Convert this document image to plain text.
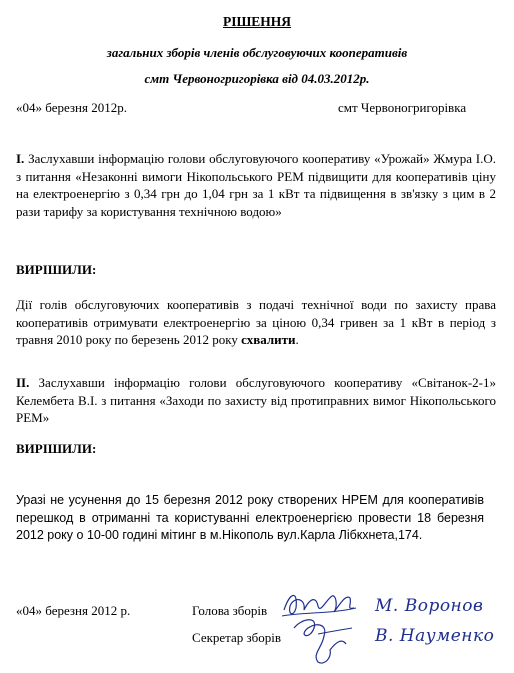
РІШЕННЯ
загальних зборів членів обслуговуючих кооперативів
смт Червоногригорівка від 04.03.2012р.
«04» березня 2012р.	смт Червоногригорівка
I. Заслухавши інформацію голови обслуговуючого кооперативу «Урожай» Жмура І.О. з питання «Незаконні вимоги Нікопольського РЕМ підвищити для кооперативів ціну на електроенергію з 0,34 грн до 1,04 грн за 1 кВт та підвищення в зв'язку з цим в 2 рази тарифу за користування технічною водою»
ВИРІШИЛИ:
Дії голів обслуговуючих кооперативів з подачі технічної води по захисту права кооперативів отримувати електроенергію за ціною 0,34 гривен за 1 кВт в період з травня 2010 року по березень 2012 року схвалити.
II. Заслухавши інформацію голови обслуговуючого кооперативу «Світанок-2-1» Келембета В.І. з питання «Заходи по захисту від протиправних вимог Нікопольського РЕМ»
ВИРІШИЛИ:
Уразі не усунення до 15 березня 2012 року створених НРЕМ для кооперативів перешкод в отриманні та користуванні електроенергією провести 18 березня 2012 року о 10-00 годині мітинг в м.Нікополь вул.Карла Лібкхнета,174.
«04» березня 2012 р.	Голова зборів
Секретар зборів
М. Воронов
В. Науменко
